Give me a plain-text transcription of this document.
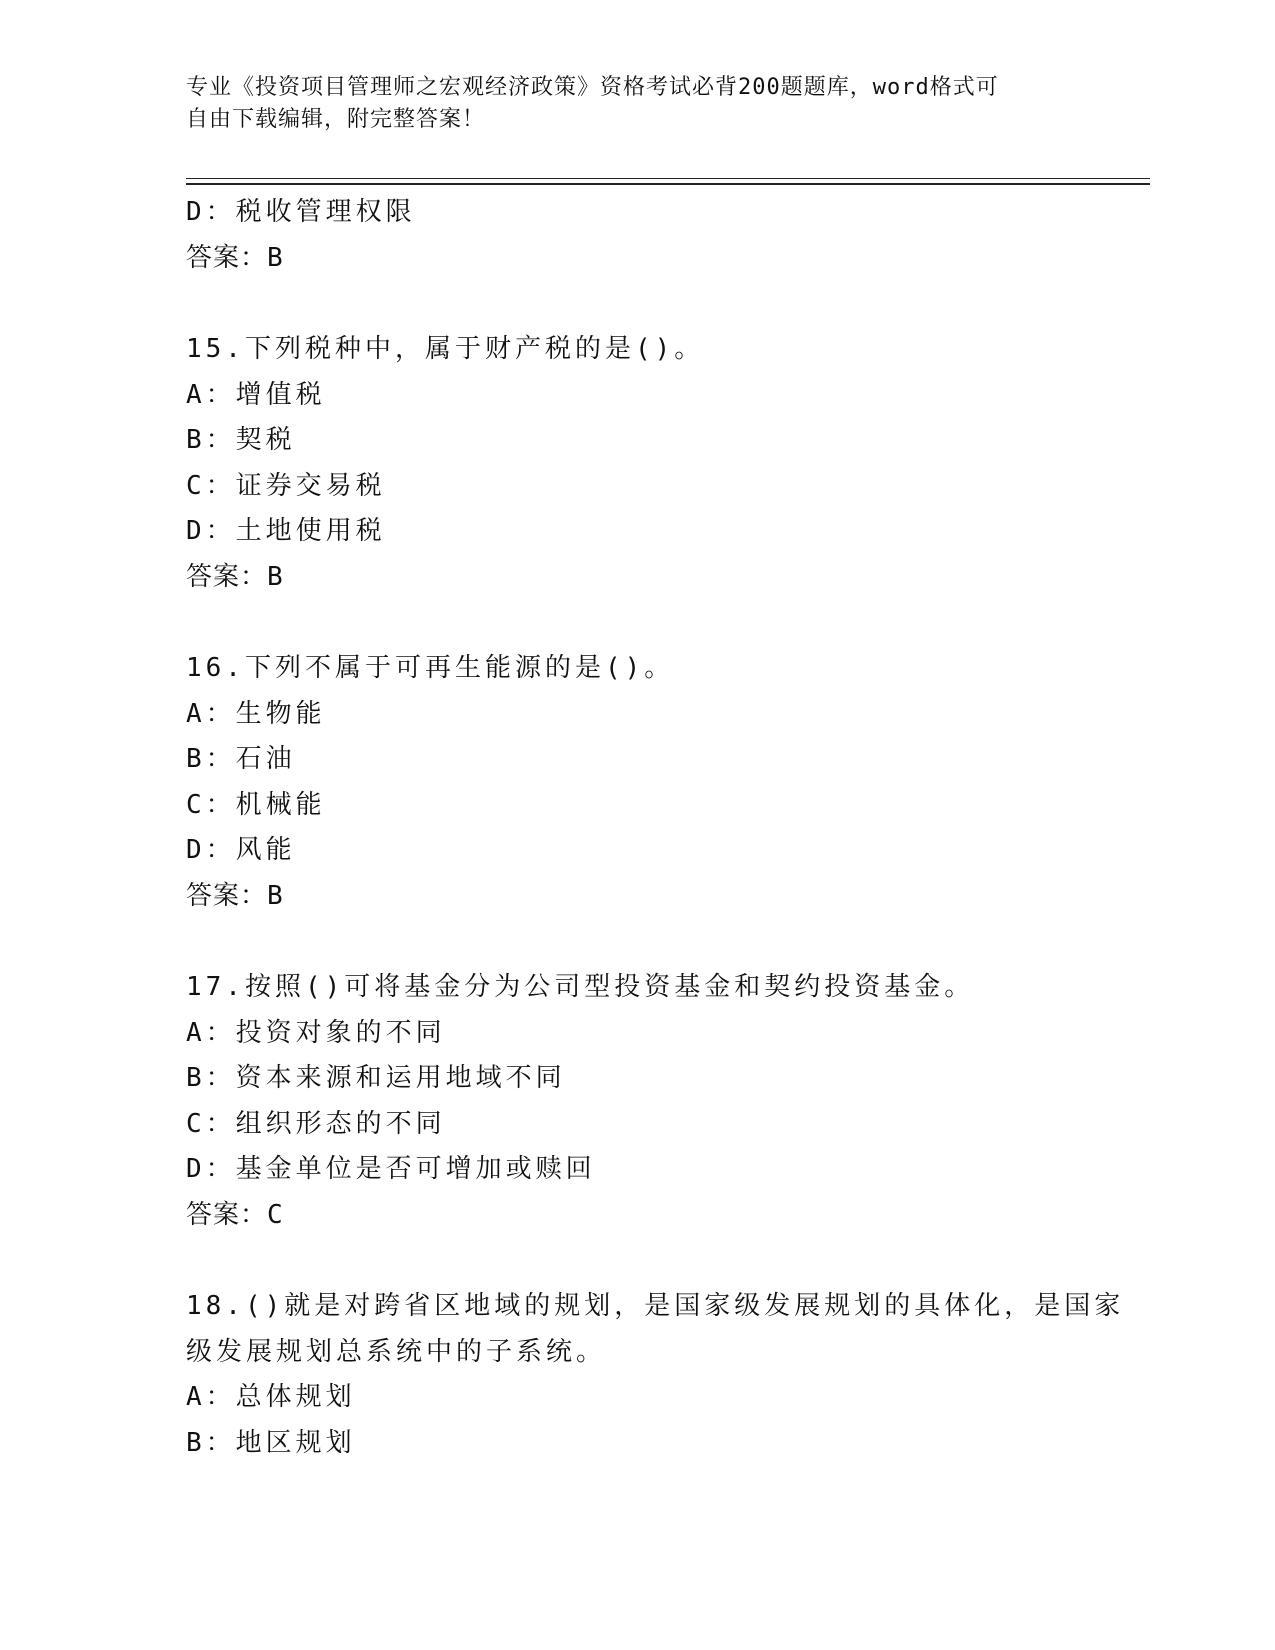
专业《投资项目管理师之宏观经济政策》资格考试必背200题题库，word格式可
自由下载编辑，附完整答案！
D：税收管理权限
答案：B
15.下列税种中，属于财产税的是()。
A：增值税
B：契税
C：证券交易税
D：土地使用税
答案：B
16.下列不属于可再生能源的是()。
A：生物能
B：石油
C：机械能
D：风能
答案：B
17.按照()可将基金分为公司型投资基金和契约投资基金。
A：投资对象的不同
B：资本来源和运用地域不同
C：组织形态的不同
D：基金单位是否可增加或赎回
答案：C
18.()就是对跨省区地域的规划，是国家级发展规划的具体化，是国家
级发展规划总系统中的子系统。
A：总体规划
B：地区规划
